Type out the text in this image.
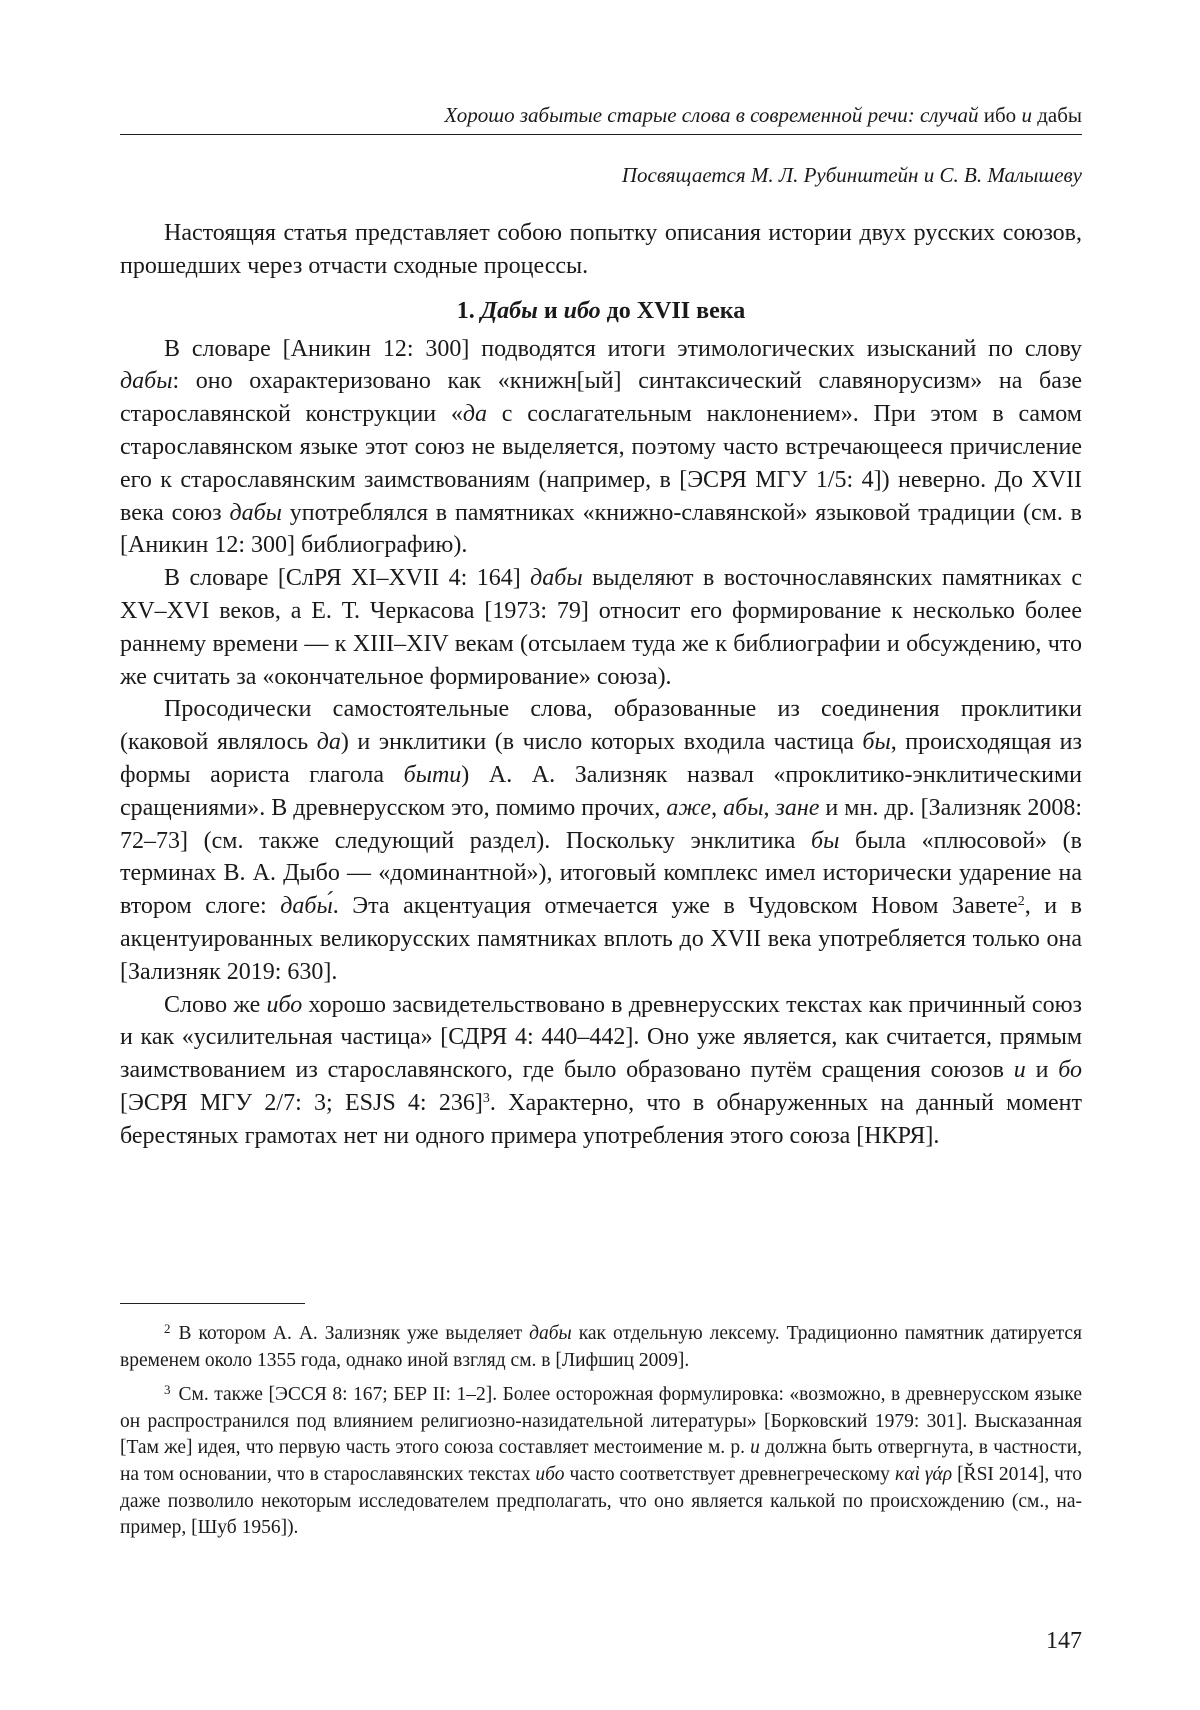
Хорошо забытые старые слова в современной речи: случай ибо и дабы
Посвящается М. Л. Рубинштейн и С. В. Малышеву

Настоящяя статья представляет собою попытку описания истории двух русских союзов, прошедших через отчасти сходные процессы.

1. Дабы и ибо до XVII века

В словаре [Аникин 12: 300] подводятся итоги этимологических изысканий по слову дабы: оно охарактеризовано как «книжн[ый] синтаксический славянорусизм» на базе старославянской конструкции «да с сослагательным наклонением». При этом в самом старославянском языке этот союз не выделяется, поэтому часто встречающееся причисление его к старославянским заимствованиям (например, в [ЭСРЯ МГУ 1/5: 4]) неверно. До XVII века союз дабы употреблялся в памятниках «книжно-славянской» языковой традиции (см. в [Аникин 12: 300] библиографию).

В словаре [СлРЯ XI–XVII 4: 164] дабы выделяют в восточнославянских памятниках с XV–XVI веков, а Е. Т. Черкасова [1973: 79] относит его формирование к несколько более раннему времени — к XIII–XIV векам (отсылаем туда же к библиографии и обсуждению, что же считать за «окончательное формирование» союза).

Просодически самостоятельные слова, образованные из соединения проклитики (каковой являлось да) и энклитики (в число которых входила частица бы, происходящая из формы аориста глагола быти) А. А. Зализняк назвал «проклитико-энклитическими сращениями». В древнерусском это, помимо прочих, аже, абы, зане и мн. др. [Зализняк 2008: 72–73] (см. также следующий раздел). Поскольку энклитика бы была «плюсовой» (в терминах В. А. Дыбо — «доминантной»), итоговый комплекс имел исторически ударение на втором слоге: дабы́. Эта акцентуация отмечается уже в Чудовском Новом Завете$^2$, и в акцентуированных великорусских памятниках вплоть до XVII века употребляется только она [Зализняк 2019: 630].

Слово же ибо хорошо засвидетельствовано в древнерусских текстах как причинный союз и как «усилительная частица» [СДРЯ 4: 440–442]. Оно уже является, как считается, прямым заимствованием из старославянского, где было образовано путём сращения союзов и и бо [ЭСРЯ МГУ 2/7: 3; ESJS 4: 236]$^3$. Характерно, что в обнаруженных на данный момент берестяных грамотах нет ни одного примера употребления этого союза [НКРЯ].

$^2$ В котором А. А. Зализняк уже выделяет дабы как отдельную лексему. Традиционно памятник датируется временем около 1355 года, однако иной взгляд см. в [Лифшиц 2009].

$^3$ См. также [ЭССЯ 8: 167; БЕР II: 1–2]. Более осторожная формулировка: «возможно, в древнерусском языке он распространился под влиянием религиозно-назидательной литературы» [Борковский 1979: 301]. Высказанная [Там же] идея, что первую часть этого союза составляет местоимение м. р. и должна быть отвергнута, в частности, на том основании, что в старославянских текстах ибо часто соответствует древнегреческому καὶ γάρ [ŘSI 2014], что даже позволило некоторым исследователем предполагать, что оно является калькой по происхождению (см., например, [Шуб 1956]).

147
